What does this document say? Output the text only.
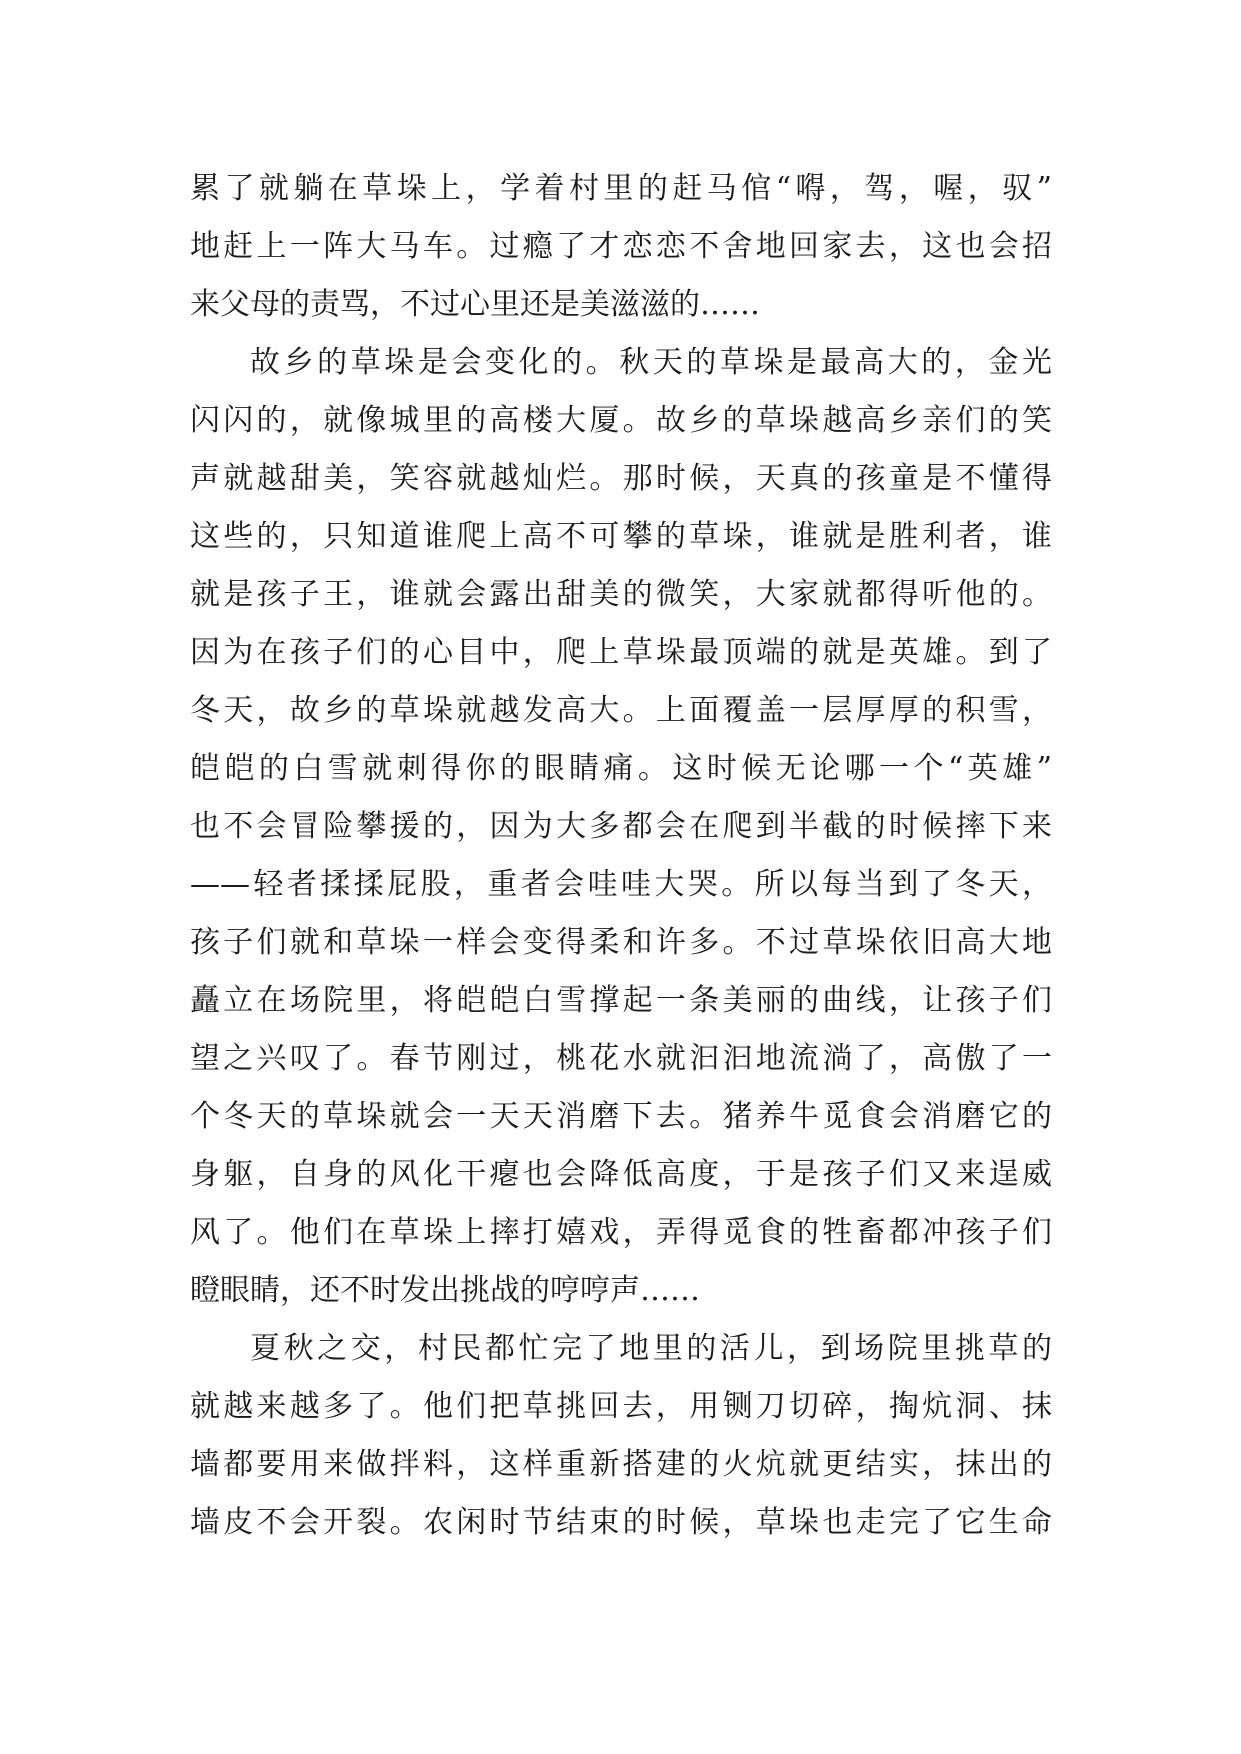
累了就躺在草垛上，学着村里的赶马倌“嘚，驾，喔，驭”
地赶上一阵大马车。过瘾了才恋恋不舍地回家去，这也会招
来父母的责骂，不过心里还是美滋滋的……
故乡的草垛是会变化的。秋天的草垛是最高大的，金光
闪闪的，就像城里的高楼大厦。故乡的草垛越高乡亲们的笑
声就越甜美，笑容就越灿烂。那时候，天真的孩童是不懂得
这些的，只知道谁爬上高不可攀的草垛，谁就是胜利者，谁
就是孩子王，谁就会露出甜美的微笑，大家就都得听他的。
因为在孩子们的心目中，爬上草垛最顶端的就是英雄。到了
冬天，故乡的草垛就越发高大。上面覆盖一层厚厚的积雪，
皑皑的白雪就刺得你的眼睛痛。这时候无论哪一个“英雄”
也不会冒险攀援的，因为大多都会在爬到半截的时候摔下来
——轻者揉揉屁股，重者会哇哇大哭。所以每当到了冬天，
孩子们就和草垛一样会变得柔和许多。不过草垛依旧高大地
矗立在场院里，将皑皑白雪撑起一条美丽的曲线，让孩子们
望之兴叹了。春节刚过，桃花水就汩汩地流淌了，高傲了一
个冬天的草垛就会一天天消磨下去。猪养牛觅食会消磨它的
身躯，自身的风化干瘪也会降低高度，于是孩子们又来逞威
风了。他们在草垛上摔打嬉戏，弄得觅食的牲畜都冲孩子们
瞪眼睛，还不时发出挑战的哼哼声……
夏秋之交，村民都忙完了地里的活儿，到场院里挑草的
就越来越多了。他们把草挑回去，用铡刀切碎，掏炕洞、抹
墙都要用来做拌料，这样重新搭建的火炕就更结实，抹出的
墙皮不会开裂。农闲时节结束的时候，草垛也走完了它生命
